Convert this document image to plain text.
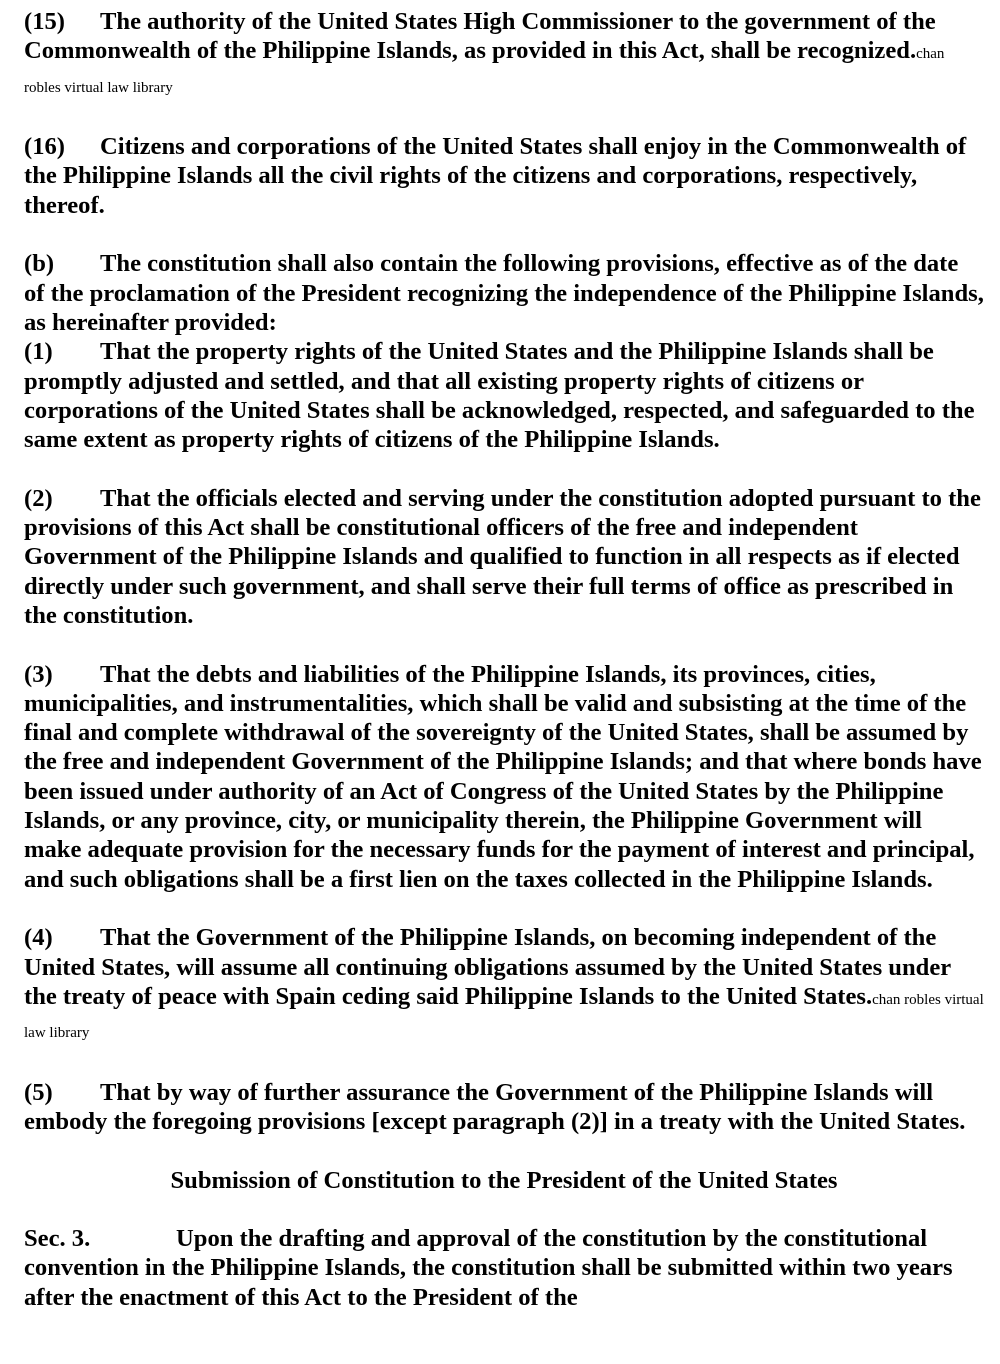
(15) The authority of the United States High Commissioner to the government of the Commonwealth of the Philippine Islands, as provided in this Act, shall be recognized.chan robles virtual law library

(16) Citizens and corporations of the United States shall enjoy in the Commonwealth of the Philippine Islands all the civil rights of the citizens and corporations, respectively, thereof.

(b) The constitution shall also contain the following provisions, effective as of the date of the proclamation of the President recognizing the independence of the Philippine Islands, as hereinafter provided:

(1) That the property rights of the United States and the Philippine Islands shall be promptly adjusted and settled, and that all existing property rights of citizens or corporations of the United States shall be acknowledged, respected, and safeguarded to the same extent as property rights of citizens of the Philippine Islands.

(2) That the officials elected and serving under the constitution adopted pursuant to the provisions of this Act shall be constitutional officers of the free and independent Government of the Philippine Islands and qualified to function in all respects as if elected directly under such government, and shall serve their full terms of office as prescribed in the constitution.

(3) That the debts and liabilities of the Philippine Islands, its provinces, cities, municipalities, and instrumentalities, which shall be valid and subsisting at the time of the final and complete withdrawal of the sovereignty of the United States, shall be assumed by the free and independent Government of the Philippine Islands; and that where bonds have been issued under authority of an Act of Congress of the United States by the Philippine Islands, or any province, city, or municipality therein, the Philippine Government will make adequate provision for the necessary funds for the payment of interest and principal, and such obligations shall be a first lien on the taxes collected in the Philippine Islands.

(4) That the Government of the Philippine Islands, on becoming independent of the United States, will assume all continuing obligations assumed by the United States under the treaty of peace with Spain ceding said Philippine Islands to the United States.chan robles virtual law library

(5) That by way of further assurance the Government of the Philippine Islands will embody the foregoing provisions [except paragraph (2)] in a treaty with the United States.

Submission of Constitution to the President of the United States

Sec. 3.	Upon the drafting and approval of the constitution by the constitutional convention in the Philippine Islands, the constitution shall be submitted within two years after the enactment of this Act to the President of the
